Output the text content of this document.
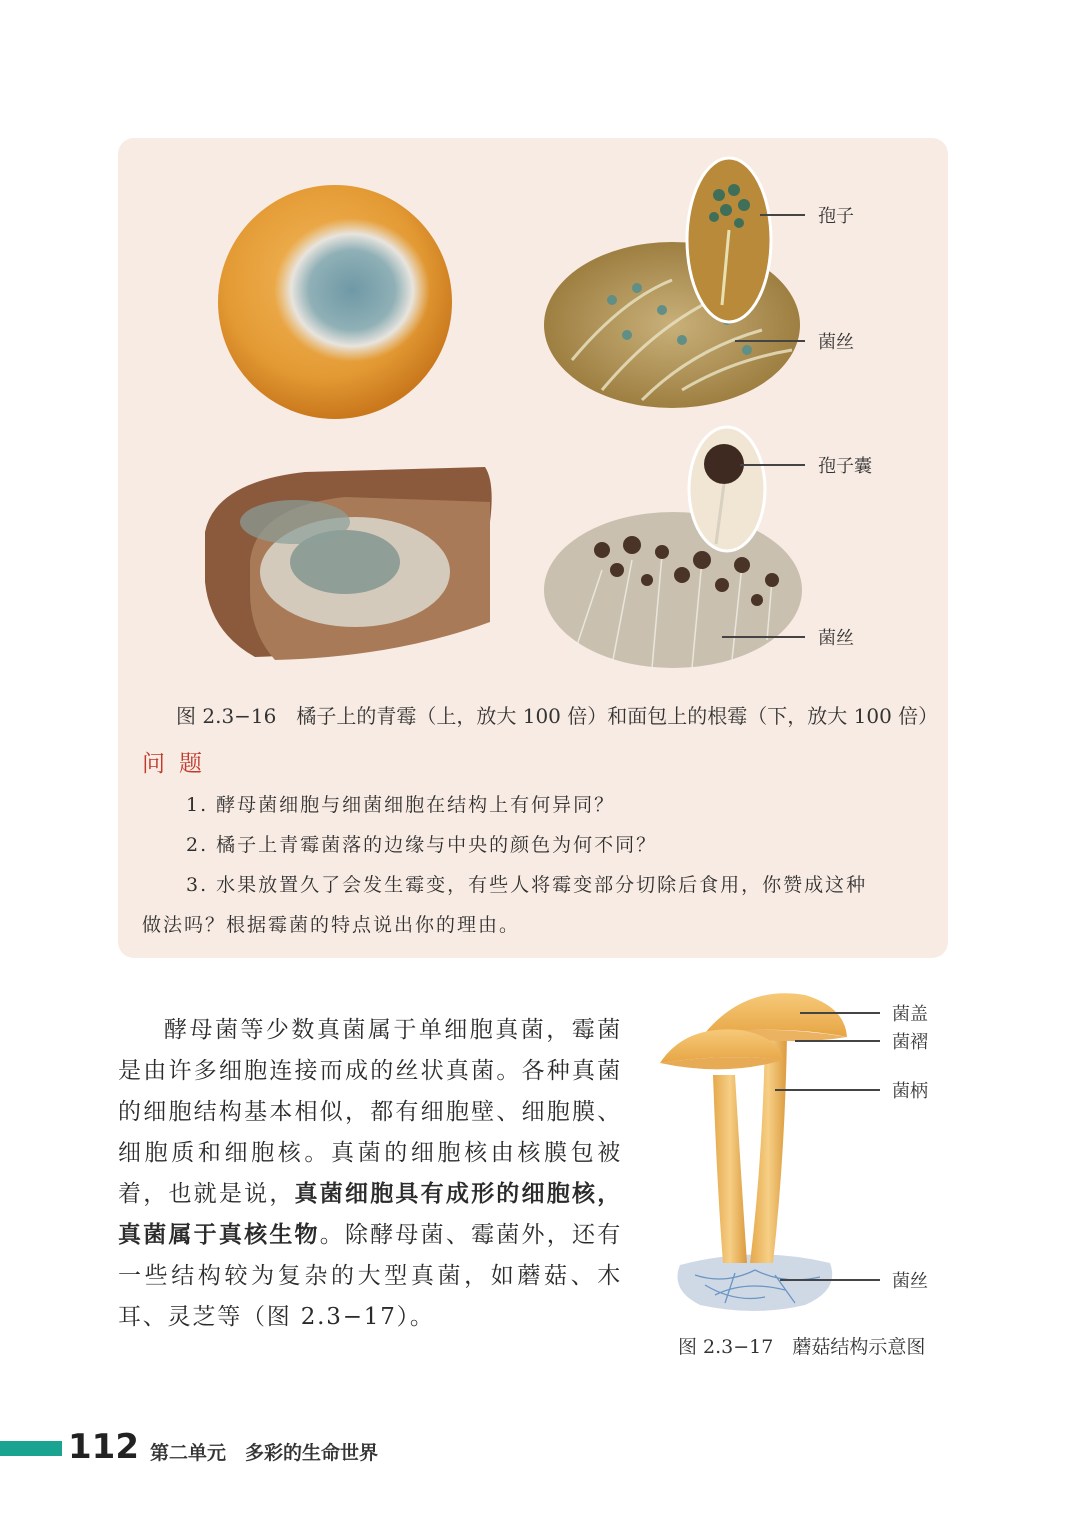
孢子
菌丝
孢子囊
菌丝
图 2.3−16　橘子上的青霉（上，放大 100 倍）和面包上的根霉（下，放大 100 倍）
问题
1. 酵母菌细胞与细菌细胞在结构上有何异同？
2. 橘子上青霉菌落的边缘与中央的颜色为何不同？
3. 水果放置久了会发生霉变，有些人将霉变部分切除后食用，你赞成这种
做法吗？根据霉菌的特点说出你的理由。
酵母菌等少数真菌属于单细胞真菌，霉菌是由许多细胞连接而成的丝状真菌。各种真菌的细胞结构基本相似，都有细胞壁、细胞膜、细胞质和细胞核。真菌的细胞核由核膜包被着，也就是说，真菌细胞具有成形的细胞核，真菌属于真核生物。除酵母菌、霉菌外，还有一些结构较为复杂的大型真菌，如蘑菇、木耳、灵芝等（图 2.3−17）。
菌盖
菌褶
菌柄
菌丝
图 2.3−17　蘑菇结构示意图
112 第二单元　多彩的生命世界
